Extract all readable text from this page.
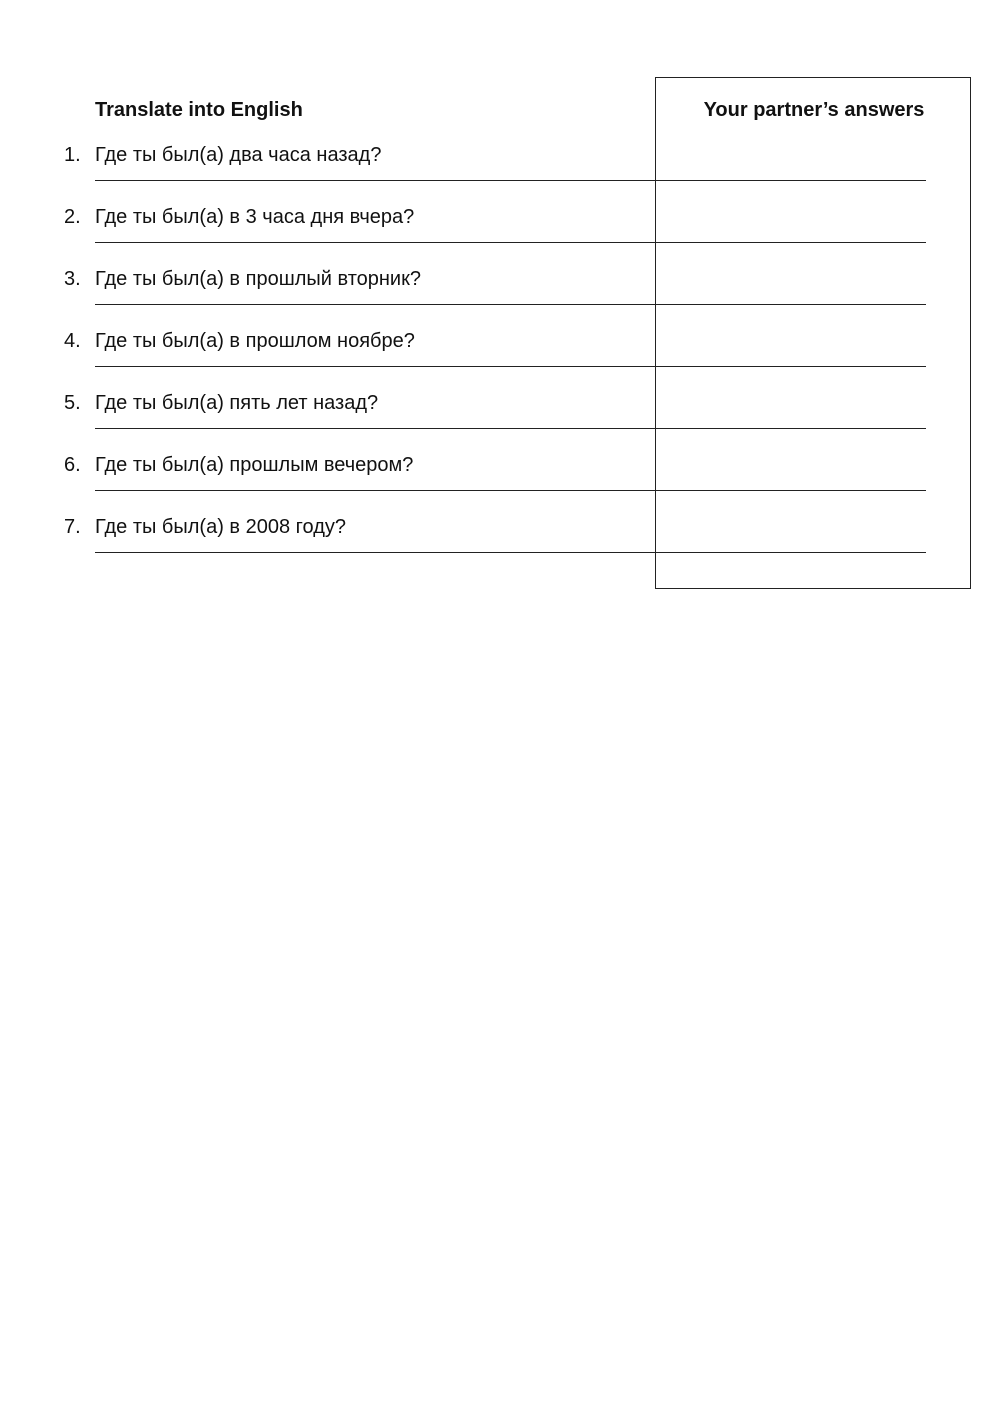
Translate into English	Your partner’s answers
1. Где ты был(а) два часа назад?
2. Где ты был(а) в 3 часа дня вчера?
3. Где ты был(а) в прошлый вторник?
4. Где ты был(а) в прошлом ноябре?
5. Где ты был(а) пять лет назад?
6. Где ты был(а) прошлым вечером?
7. Где ты был(а) в 2008 году?
